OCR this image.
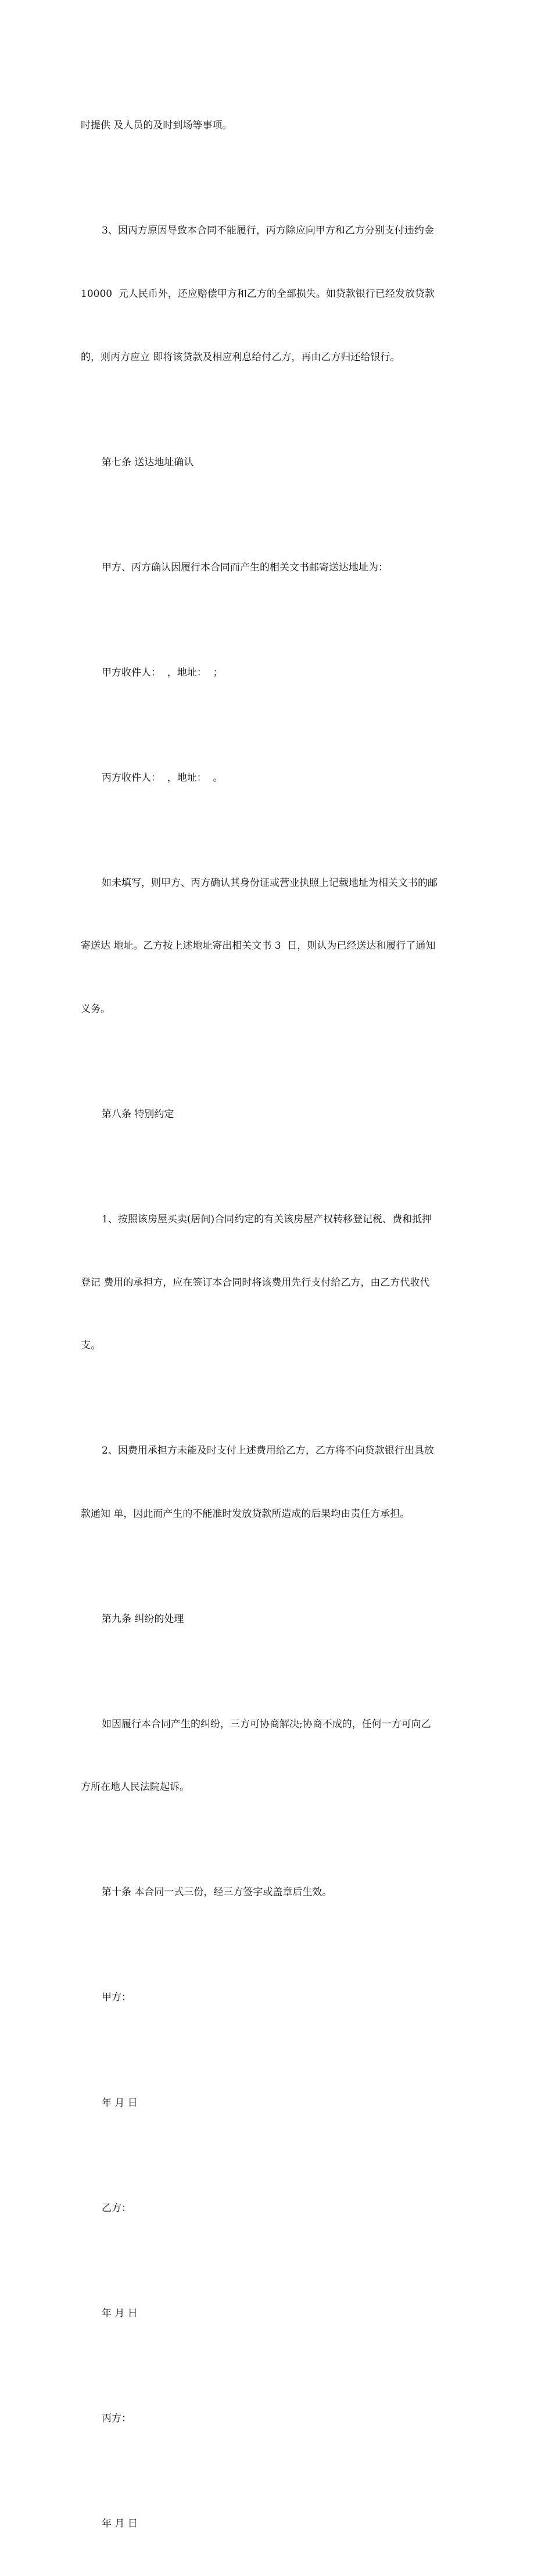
时提供 及人员的及时到场等事项。

3、因丙方原因导致本合同不能履行，丙方除应向甲方和乙方分别支付违约金

10000  元人民币外，还应赔偿甲方和乙方的全部损失。如贷款银行已经发放贷款

的，则丙方应立 即将该贷款及相应利息给付乙方，再由乙方归还给银行。

第七条 送达地址确认

甲方、丙方确认因履行本合同而产生的相关文书邮寄送达地址为：

甲方收件人：  ，地址：  ；

丙方收件人：  ，地址：  。

如未填写，则甲方、丙方确认其身份证或营业执照上记载地址为相关文书的邮

寄送达 地址。乙方按上述地址寄出相关文书 3  日，则认为已经送达和履行了通知

义务。

第八条 特别约定

1、按照该房屋买卖(居间)合同约定的有关该房屋产权转移登记税、费和抵押

登记 费用的承担方，应在签订本合同时将该费用先行支付给乙方，由乙方代收代

支。

2、因费用承担方未能及时支付上述费用给乙方，乙方将不向贷款银行出具放

款通知 单，因此而产生的不能准时发放贷款所造成的后果均由责任方承担。

第九条 纠纷的处理

如因履行本合同产生的纠纷，三方可协商解决;协商不成的，任何一方可向乙

方所在地人民法院起诉。

第十条 本合同一式三份，经三方签字或盖章后生效。

甲方：

年 月 日

乙方：

年 月 日

丙方：

年 月 日
